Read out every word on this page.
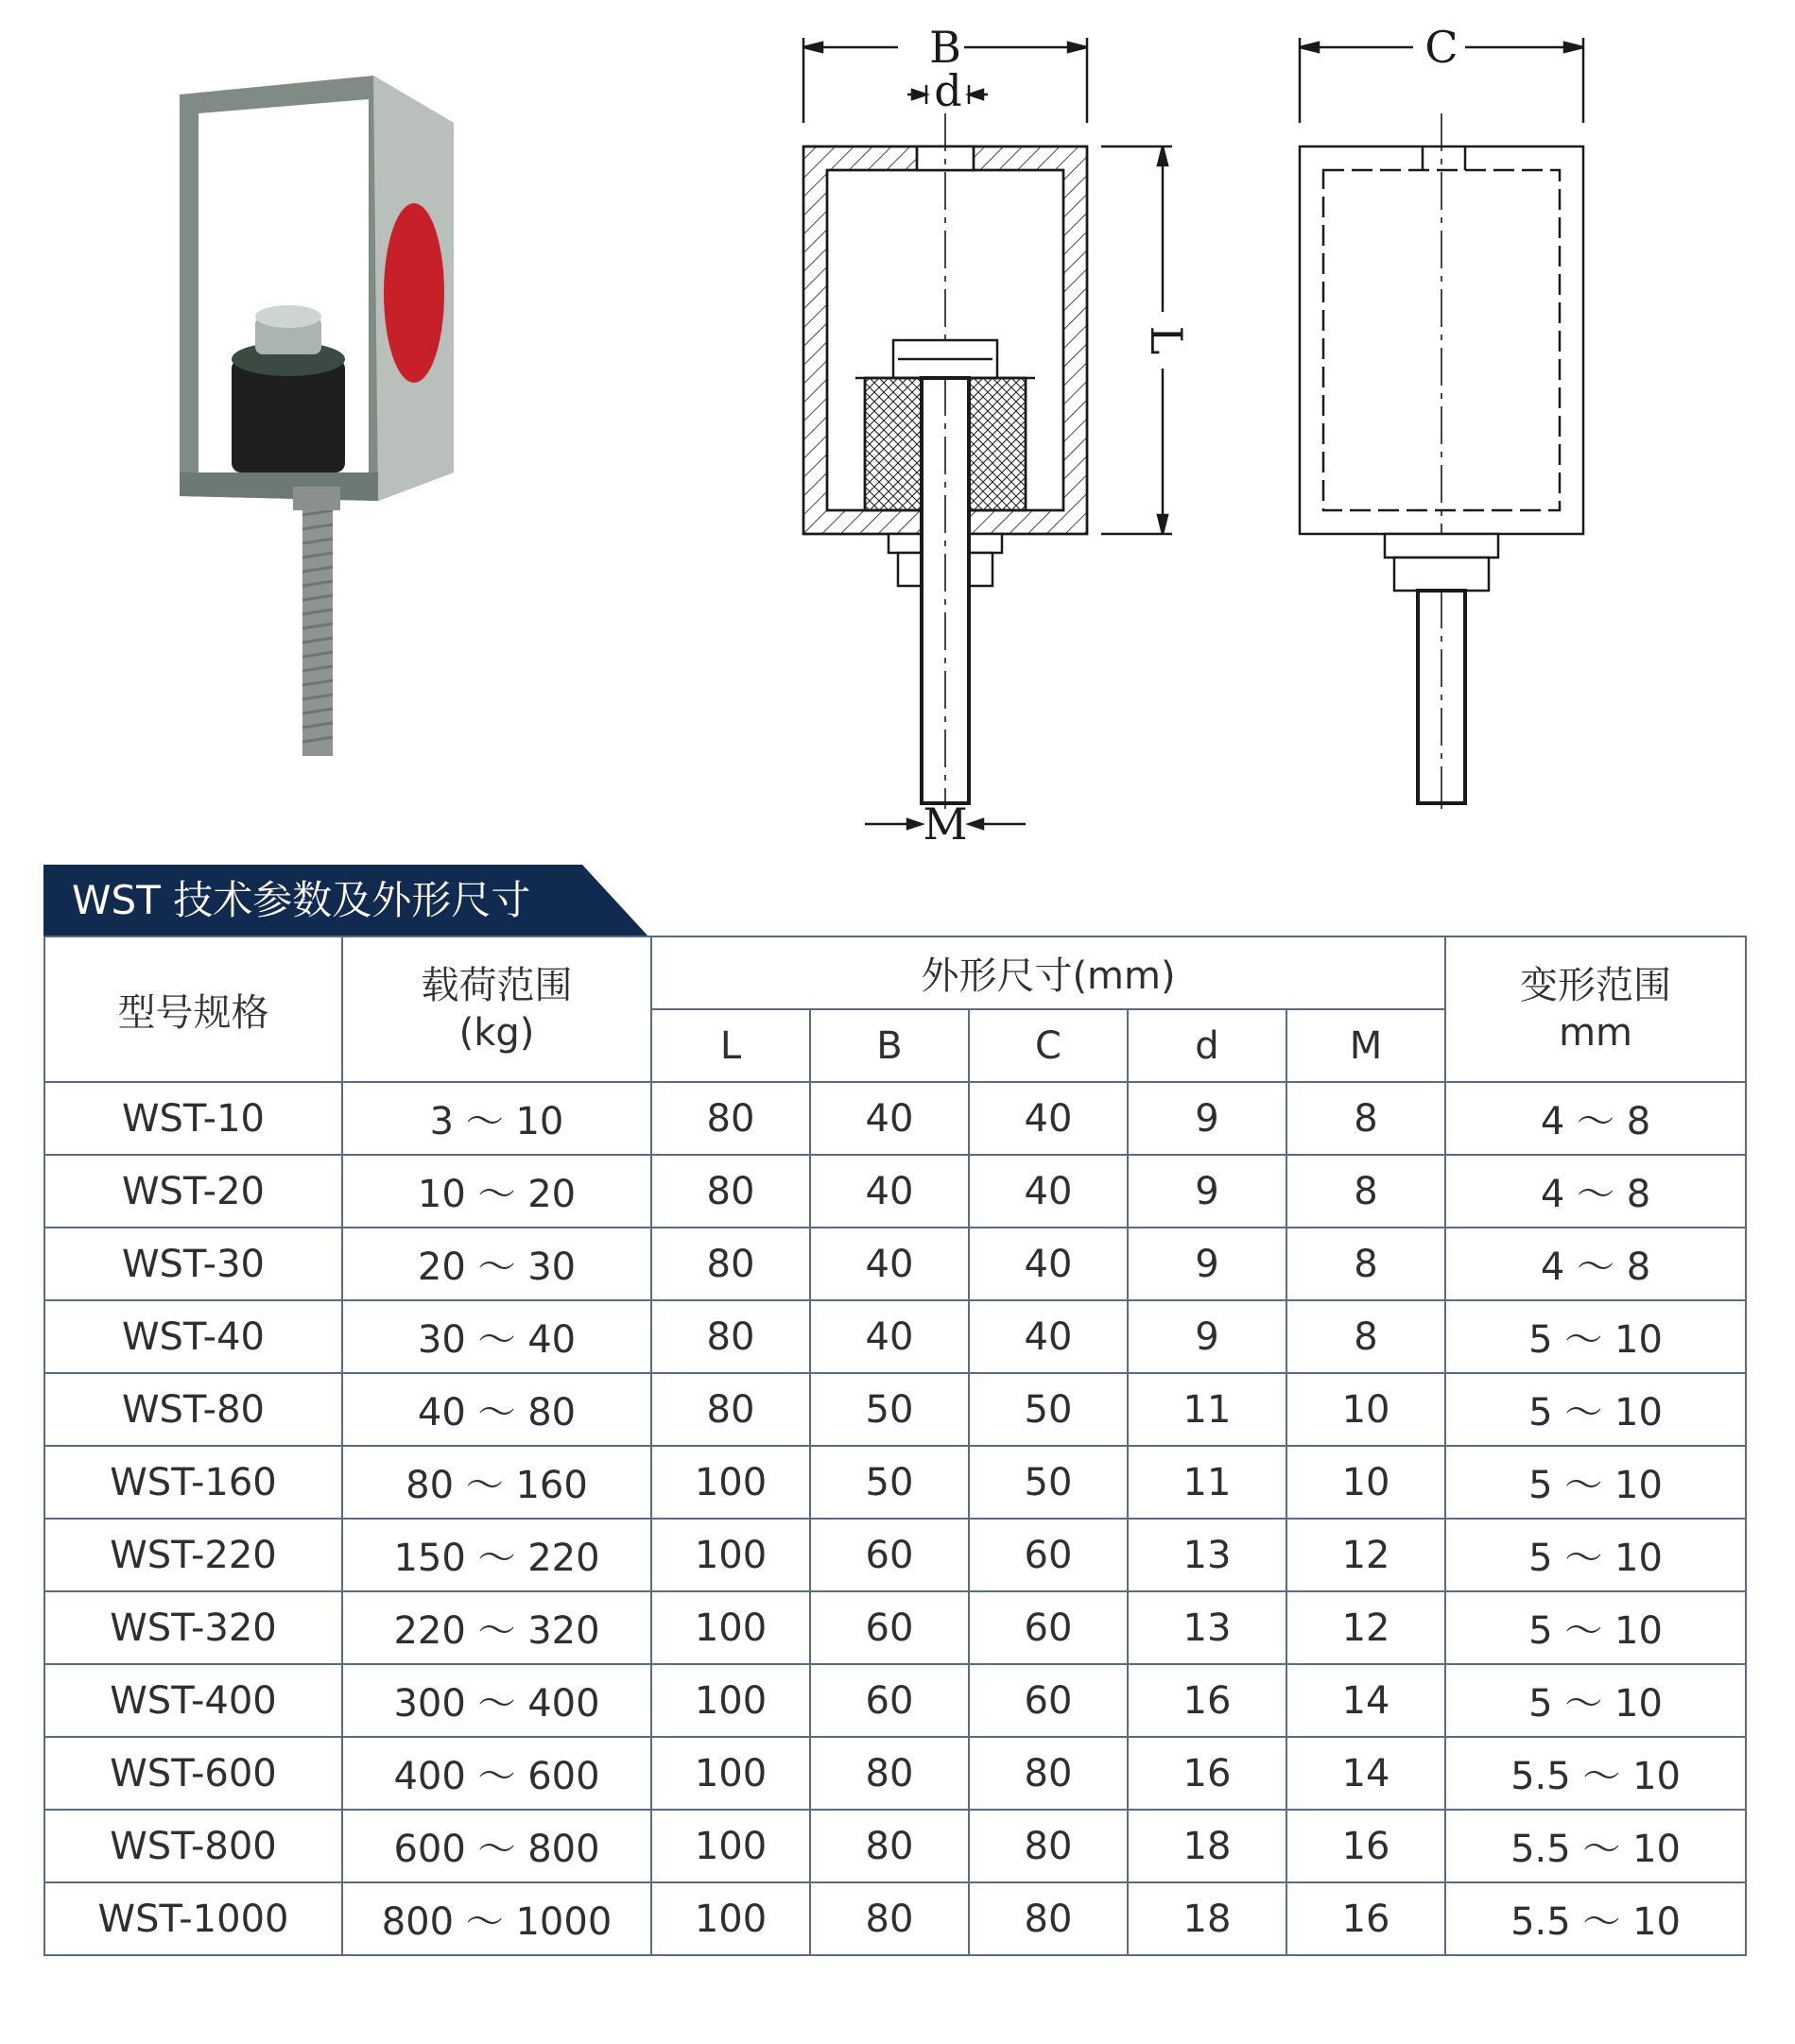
B
d
C
L
M
WST 技术参数及外形尺寸
型号规格	载荷范围
(kg)	外形尺寸(mm)					变形范围
mm
		L	B	C	d	M	
WST-10	3 ～ 10	80	40	40	9	8	4 ～ 8
WST-20	10 ～ 20	80	40	40	9	8	4 ～ 8
WST-30	20 ～ 30	80	40	40	9	8	4 ～ 8
WST-40	30 ～ 40	80	40	40	9	8	5 ～ 10
WST-80	40 ～ 80	80	50	50	11	10	5 ～ 10
WST-160	80 ～ 160	100	50	50	11	10	5 ～ 10
WST-220	150 ～ 220	100	60	60	13	12	5 ～ 10
WST-320	220 ～ 320	100	60	60	13	12	5 ～ 10
WST-400	300 ～ 400	100	60	60	16	14	5 ～ 10
WST-600	400 ～ 600	100	80	80	16	14	5.5 ～ 10
WST-800	600 ～ 800	100	80	80	18	16	5.5 ～ 10
WST-1000	800 ～ 1000	100	80	80	18	16	5.5 ～ 10
